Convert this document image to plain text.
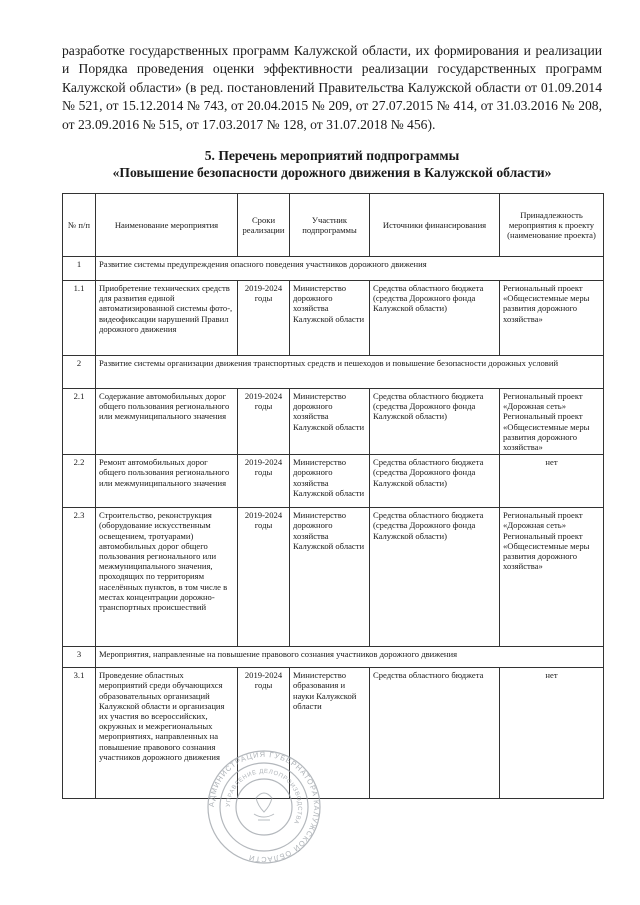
разработке государственных программ Калужской области, их формирования и реализации и Порядка проведения оценки эффективности реализации государственных программ Калужской области» (в ред. постановлений Правительства Калужской области от 01.09.2014 № 521, от 15.12.2014 № 743, от 20.04.2015 № 209, от 27.07.2015 № 414, от 31.03.2016 № 208, от 23.09.2016 № 515, от 17.03.2017 № 128, от 31.07.2018 № 456).
5. Перечень мероприятий подпрограммы
«Повышение безопасности дорожного движения в Калужской области»
№ п/п	Наименование мероприятия	Сроки реализации	Участник подпрограммы	Источники финансирования	Принадлежность мероприятия к проекту (наименование проекта)
1	Развитие системы предупреждения опасного поведения участников дорожного движения				
1.1	Приобретение технических средств для развития единой автоматизированной системы фото-, видеофиксации нарушений Правил дорожного движения	2019-2024 годы	Министерство дорожного хозяйства Калужской области	Средства областного бюджета (средства Дорожного фонда Калужской области)	Региональный проект «Общесистемные меры развития дорожного хозяйства»
2	Развитие системы организации движения транспортных средств и пешеходов и повышение безопасности дорожных условий				
2.1	Содержание автомобильных дорог общего пользования регионального или межмуниципального значения	2019-2024 годы	Министерство дорожного хозяйства Калужской области	Средства областного бюджета (средства Дорожного фонда Калужской области)	Региональный проект «Дорожная сеть» Региональный проект «Общесистемные меры развития дорожного хозяйства»
2.2	Ремонт автомобильных дорог общего пользования регионального или межмуниципального значения	2019-2024 годы	Министерство дорожного хозяйства Калужской области	Средства областного бюджета (средства Дорожного фонда Калужской области)	нет
2.3	Строительство, реконструкция (оборудование искусственным освещением, тротуарами) автомобильных дорог общего пользования регионального или межмуниципального значения, проходящих по территориям населённых пунктов, в том числе в местах концентрации дорожно-транспортных происшествий	2019-2024 годы	Министерство дорожного хозяйства Калужской области	Средства областного бюджета (средства Дорожного фонда Калужской области)	Региональный проект «Дорожная сеть» Региональный проект «Общесистемные меры развития дорожного хозяйства»
3	Мероприятия, направленные на повышение правового сознания участников дорожного движения				
3.1	Проведение областных мероприятий среди обучающихся образовательных организаций Калужской области и организация их участия во всероссийских, окружных и межрегиональных мероприятиях, направленных на повышение правового сознания участников дорожного движения	2019-2024 годы	Министерство образования и науки Калужской области	Средства областного бюджета	нет
АДМИНИСТРАЦИЯ ГУБЕРНАТОРА КАЛУЖСКОЙ ОБЛАСТИ
УПРАВЛЕНИЕ ДЕЛОПРОИЗВОДСТВА
